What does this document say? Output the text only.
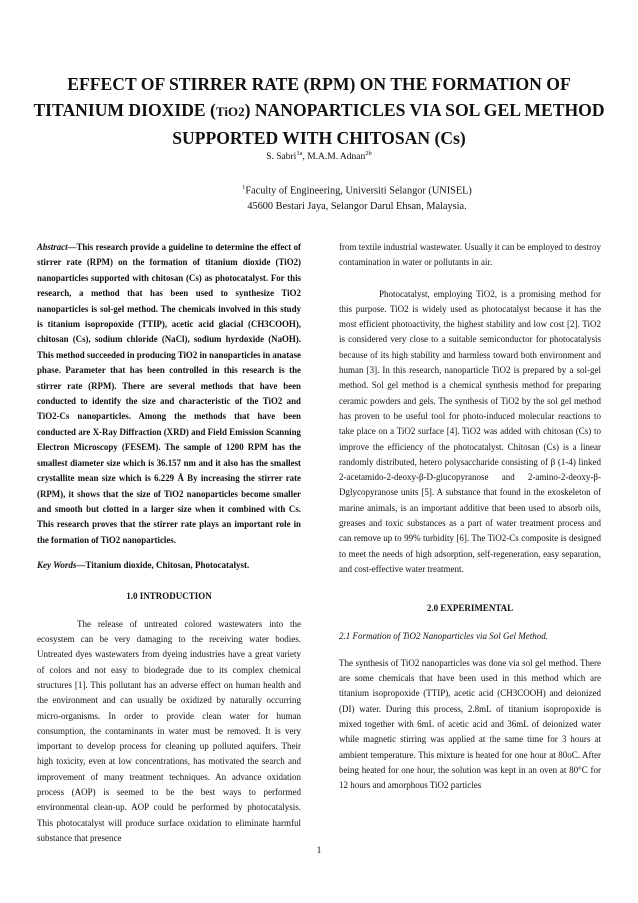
EFFECT OF STIRRER RATE (RPM) ON THE FORMATION OF TITANIUM DIOXIDE (TiO2) NANOPARTICLES VIA SOL GEL METHOD SUPPORTED WITH CHITOSAN (Cs)
S. Sabri$^{1a}$, M.A.M. Adnan$^{2b}$
$^1$Faculty of Engineering, Universiti Selangor (UNISEL)
45600 Bestari Jaya, Selangor Darul Ehsan, Malaysia.

Abstract—This research provide a guideline to determine the effect of stirrer rate (RPM) on the formation of titanium dioxide (TiO2) nanoparticles supported with chitosan (Cs) as photocatalyst. For this research, a method that has been used to synthesize TiO2 nanoparticles is sol-gel method. The chemicals involved in this study is titanium isopropoxide (TTIP), acetic acid glacial (CH3COOH), chitosan (Cs), sodium chloride (NaCl), sodium hyrdoxide (NaOH). This method succeeded in producing TiO2 in nanoparticles in anatase phase. Parameter that has been controlled in this research is the stirrer rate (RPM). There are several methods that have been conducted to identify the size and characteristic of the TiO2 and TiO2-Cs nanoparticles. Among the methods that have been conducted are X-Ray Diffraction (XRD) and Field Emission Scanning Electron Microscopy (FESEM). The sample of 1200 RPM has the smallest diameter size which is 36.157 nm and it also has the smallest crystallite mean size which is 6.229 Å By increasing the stirrer rate (RPM), it shows that the size of TiO2 nanoparticles become smaller and smooth but clotted in a larger size when it combined with Cs. This research proves that the stirrer rate plays an important role in the formation of TiO2 nanoparticles.

Key Words—Titanium dioxide, Chitosan, Photocatalyst.

1.0 INTRODUCTION

The release of untreated colored wastewaters into the ecosystem can be very damaging to the receiving water bodies. Untreated dyes wastewaters from dyeing industries have a great variety of colors and not easy to biodegrade due to its complex chemical structures [1]. This pollutant has an adverse effect on human health and the environment and can usually be oxidized by naturally occurring micro-organisms. In order to provide clean water for human consumption, the contaminants in water must be removed. It is very important to develop process for cleaning up polluted aquifers. Their high toxicity, even at low concentrations, has motivated the search and improvement of many treatment techniques. An advance oxidation process (AOP) is seemed to be the best ways to performed environmental clean-up. AOP could be performed by photocatalysis. This photocatalyst will produce surface oxidation to eliminate harmful substance that presence

from textile industrial wastewater. Usually it can be employed to destroy contamination in water or pollutants in air.

Photocatalyst, employing TiO2, is a promising method for this purpose. TiO2 is widely used as photocatalyst because it has the most efficient photoactivity, the highest stability and low cost [2]. TiO2 is considered very close to a suitable semiconductor for photocatalysis because of its high stability and harmless toward both environment and human [3]. In this research, nanoparticle TiO2 is prepared by a sol-gel method. Sol gel method is a chemical synthesis method for preparing ceramic powders and gels. The synthesis of TiO2 by the sol gel method has proven to be useful tool for photo-induced molecular reactions to take place on a TiO2 surface [4]. TiO2 was added with chitosan (Cs) to improve the efficiency of the photocatalyst. Chitosan (Cs) is a linear randomly distributed, hetero polysaccharide consisting of β (1-4) linked 2-acetamido-2-deoxy-β-D-glucopyranose and 2-amino-2-deoxy-β-Dglycopyranose units [5]. A substance that found in the exoskeleton of marine animals, is an important additive that been used to absorb oils, greases and toxic substances as a part of water treatment process and can remove up to 99% turbidity [6]. The TiO2-Cs composite is designed to meet the needs of high adsorption, self-regeneration, easy separation, and cost-effective water treatment.

2.0 EXPERIMENTAL

2.1 Formation of TiO2 Nanoparticles via Sol Gel Method.

The synthesis of TiO2 nanoparticles was done via sol gel method. There are some chemicals that have been used in this method which are titanium isopropoxide (TTIP), acetic acid (CH3COOH) and deionized (DI) water. During this process, 2.8mL of titanium isopropoxide is mixed together with 6mL of acetic acid and 36mL of deionized water while magnetic stirring was applied at the same time for 3 hours at ambient temperature. This mixture is heated for one hour at 80oC. After being heated for one hour, the solution was kept in an oven at 80°C for 12 hours and amorphous TiO2 particles

1
